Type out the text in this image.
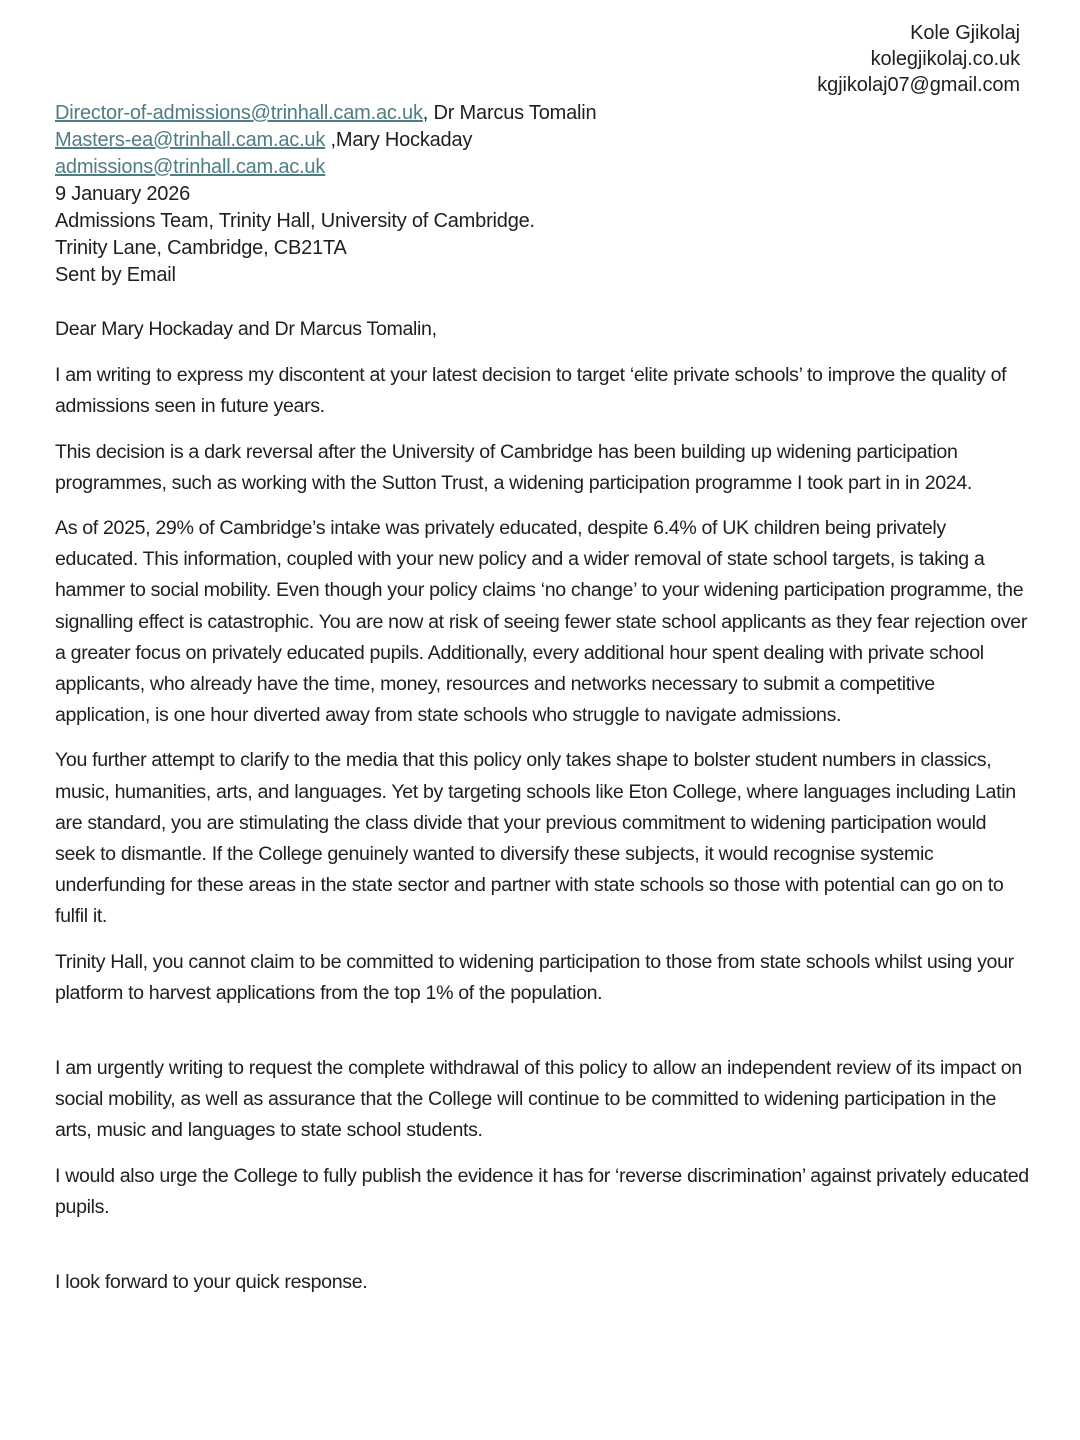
Kole Gjikolaj
kolegjikolaj.co.uk
kgjikolaj07@gmail.com
Director-of-admissions@trinhall.cam.ac.uk, Dr Marcus Tomalin
Masters-ea@trinhall.cam.ac.uk ,Mary Hockaday
admissions@trinhall.cam.ac.uk
9 January 2026
Admissions Team, Trinity Hall, University of Cambridge.
Trinity Lane, Cambridge, CB21TA
Sent by Email

Dear Mary Hockaday and Dr Marcus Tomalin,

I am writing to express my discontent at your latest decision to target ‘elite private schools’ to improve the quality of admissions seen in future years.

This decision is a dark reversal after the University of Cambridge has been building up widening participation programmes, such as working with the Sutton Trust, a widening participation programme I took part in in 2024.

As of 2025, 29% of Cambridge’s intake was privately educated, despite 6.4% of UK children being privately educated. This information, coupled with your new policy and a wider removal of state school targets, is taking a hammer to social mobility. Even though your policy claims ‘no change’ to your widening participation programme, the signalling effect is catastrophic. You are now at risk of seeing fewer state school applicants as they fear rejection over a greater focus on privately educated pupils. Additionally, every additional hour spent dealing with private school applicants, who already have the time, money, resources and networks necessary to submit a competitive application, is one hour diverted away from state schools who struggle to navigate admissions.

You further attempt to clarify to the media that this policy only takes shape to bolster student numbers in classics, music, humanities, arts, and languages. Yet by targeting schools like Eton College, where languages including Latin are standard, you are stimulating the class divide that your previous commitment to widening participation would seek to dismantle. If the College genuinely wanted to diversify these subjects, it would recognise systemic underfunding for these areas in the state sector and partner with state schools so those with potential can go on to fulfil it.

Trinity Hall, you cannot claim to be committed to widening participation to those from state schools whilst using your platform to harvest applications from the top 1% of the population.

I am urgently writing to request the complete withdrawal of this policy to allow an independent review of its impact on social mobility, as well as assurance that the College will continue to be committed to widening participation in the arts, music and languages to state school students.

I would also urge the College to fully publish the evidence it has for ‘reverse discrimination’ against privately educated pupils.

I look forward to your quick response.
